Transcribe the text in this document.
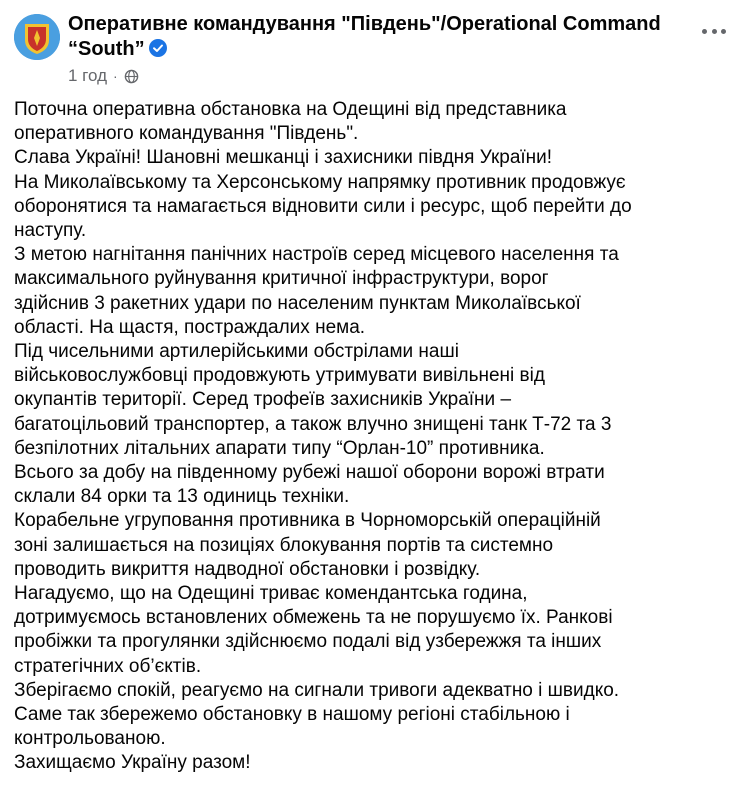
Оперативне командування "Південь"/Operational Command “South”
1 год ·
Поточна оперативна обстановка на Одещині від представника
оперативного командування "Південь".
Слава Україні! Шановні мешканці і захисники півдня України!
На Миколаївському та Херсонському напрямку противник продовжує
оборонятися та намагається відновити сили і ресурс, щоб перейти до
наступу.
З метою нагнітання панічних настроїв серед місцевого населення та
максимального руйнування критичної інфраструктури, ворог
здійснив 3 ракетних удари по населеним пунктам Миколаївської
області. На щастя, постраждалих нема.
Під чисельними артилерійськими обстрілами наші
військовослужбовці продовжують утримувати вивільнені від
окупантів території. Серед трофеїв захисників України –
багатоцільовий транспортер, а також влучно знищені танк Т-72 та 3
безпілотних літальних апарати типу “Орлан-10” противника.
Всього за добу на південному рубежі нашої оборони ворожі втрати
склали 84 орки та 13 одиниць техніки.
Корабельне угруповання противника в Чорноморській операційній
зоні залишається на позиціях блокування портів та системно
проводить викриття надводної обстановки і розвідку.
Нагадуємо, що на Одещині триває комендантська година,
дотримуємось встановлених обмежень та не порушуємо їх. Ранкові
пробіжки та прогулянки здійснюємо подалі від узбережжя та інших
стратегічних об’єктів.
Зберігаємо спокій, реагуємо на сигнали тривоги адекватно і швидко.
Саме так збережемо обстановку в нашому регіоні стабільною і
контрольованою.
Захищаємо Україну разом!
